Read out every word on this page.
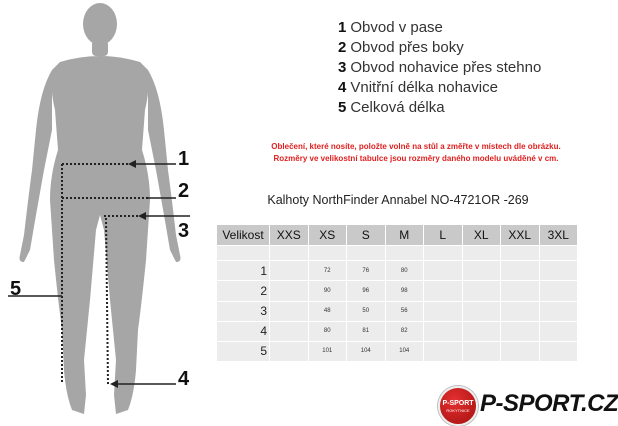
1
2
3
4
5
1 Obvod v pase
2 Obvod přes boky
3 Obvod nohavice přes stehno
4 Vnitřní délka nohavice
5 Celková délka
Oblečení, které nosíte, položte volně na stůl a změřte v místech dle obrázku.
Rozměry ve velikostní tabulce jsou rozměry daného modelu uváděné v cm.
Kalhoty NorthFinder Annabel NO-4721OR -269
Velikost	XXS	XS	S	M	L	XL	XXL	3XL

1		72	76	80				
2		90	96	98				
3		48	50	56				
4		80	81	82				
5		101	104	104				
P-SPORT
ROKYTNICE P-SPORT.CZ
